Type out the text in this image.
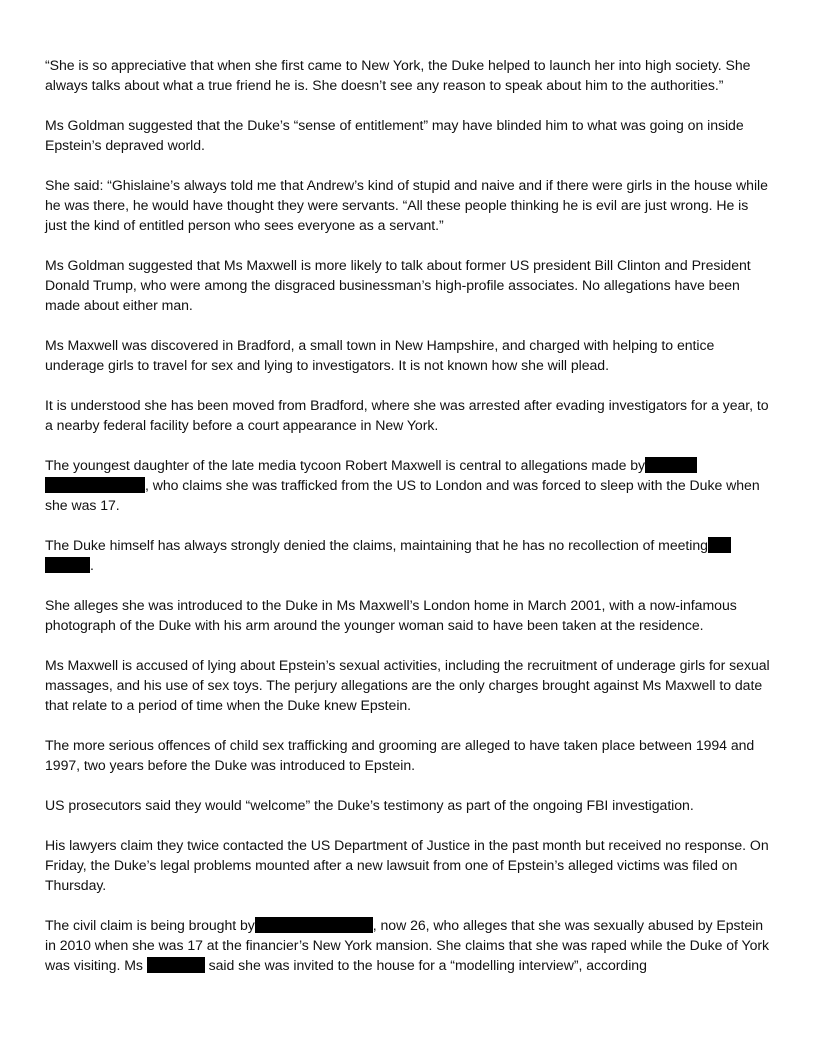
“She is so appreciative that when she first came to New York, the Duke helped to launch her into high society. She always talks about what a true friend he is. She doesn’t see any reason to speak about him to the authorities.”

Ms Goldman suggested that the Duke’s “sense of entitlement” may have blinded him to what was going on inside Epstein’s depraved world.

She said: “Ghislaine’s always told me that Andrew’s kind of stupid and naive and if there were girls in the house while he was there, he would have thought they were servants. “All these people thinking he is evil are just wrong. He is just the kind of entitled person who sees everyone as a servant.”

Ms Goldman suggested that Ms Maxwell is more likely to talk about former US president Bill Clinton and President Donald Trump, who were among the disgraced businessman’s high-profile associates. No allegations have been made about either man.

Ms Maxwell was discovered in Bradford, a small town in New Hampshire, and charged with helping to entice underage girls to travel for sex and lying to investigators. It is not known how she will plead.

It is understood she has been moved from Bradford, where she was arrested after evading investigators for a year, to a nearby federal facility before a court appearance in New York.

The youngest daughter of the late media tycoon Robert Maxwell is central to allegations made by
, who claims she was trafficked from the US to London and was forced to sleep with the Duke when she was 17.

The Duke himself has always strongly denied the claims, maintaining that he has no recollection of meeting
.

She alleges she was introduced to the Duke in Ms Maxwell’s London home in March 2001, with a now-infamous photograph of the Duke with his arm around the younger woman said to have been taken at the residence.

Ms Maxwell is accused of lying about Epstein’s sexual activities, including the recruitment of underage girls for sexual massages, and his use of sex toys. The perjury allegations are the only charges brought against Ms Maxwell to date that relate to a period of time when the Duke knew Epstein.

The more serious offences of child sex trafficking and grooming are alleged to have taken place between 1994 and 1997, two years before the Duke was introduced to Epstein.

US prosecutors said they would “welcome” the Duke’s testimony as part of the ongoing FBI investigation.

His lawyers claim they twice contacted the US Department of Justice in the past month but received no response. On Friday, the Duke’s legal problems mounted after a new lawsuit from one of Epstein’s alleged victims was filed on Thursday.

The civil claim is being brought by	, now 26, who alleges that she was sexually abused by Epstein in 2010 when she was 17 at the financier’s New York mansion. She claims that she was raped while the Duke of York was visiting. Ms	said she was invited to the house for a “modelling interview”, according
